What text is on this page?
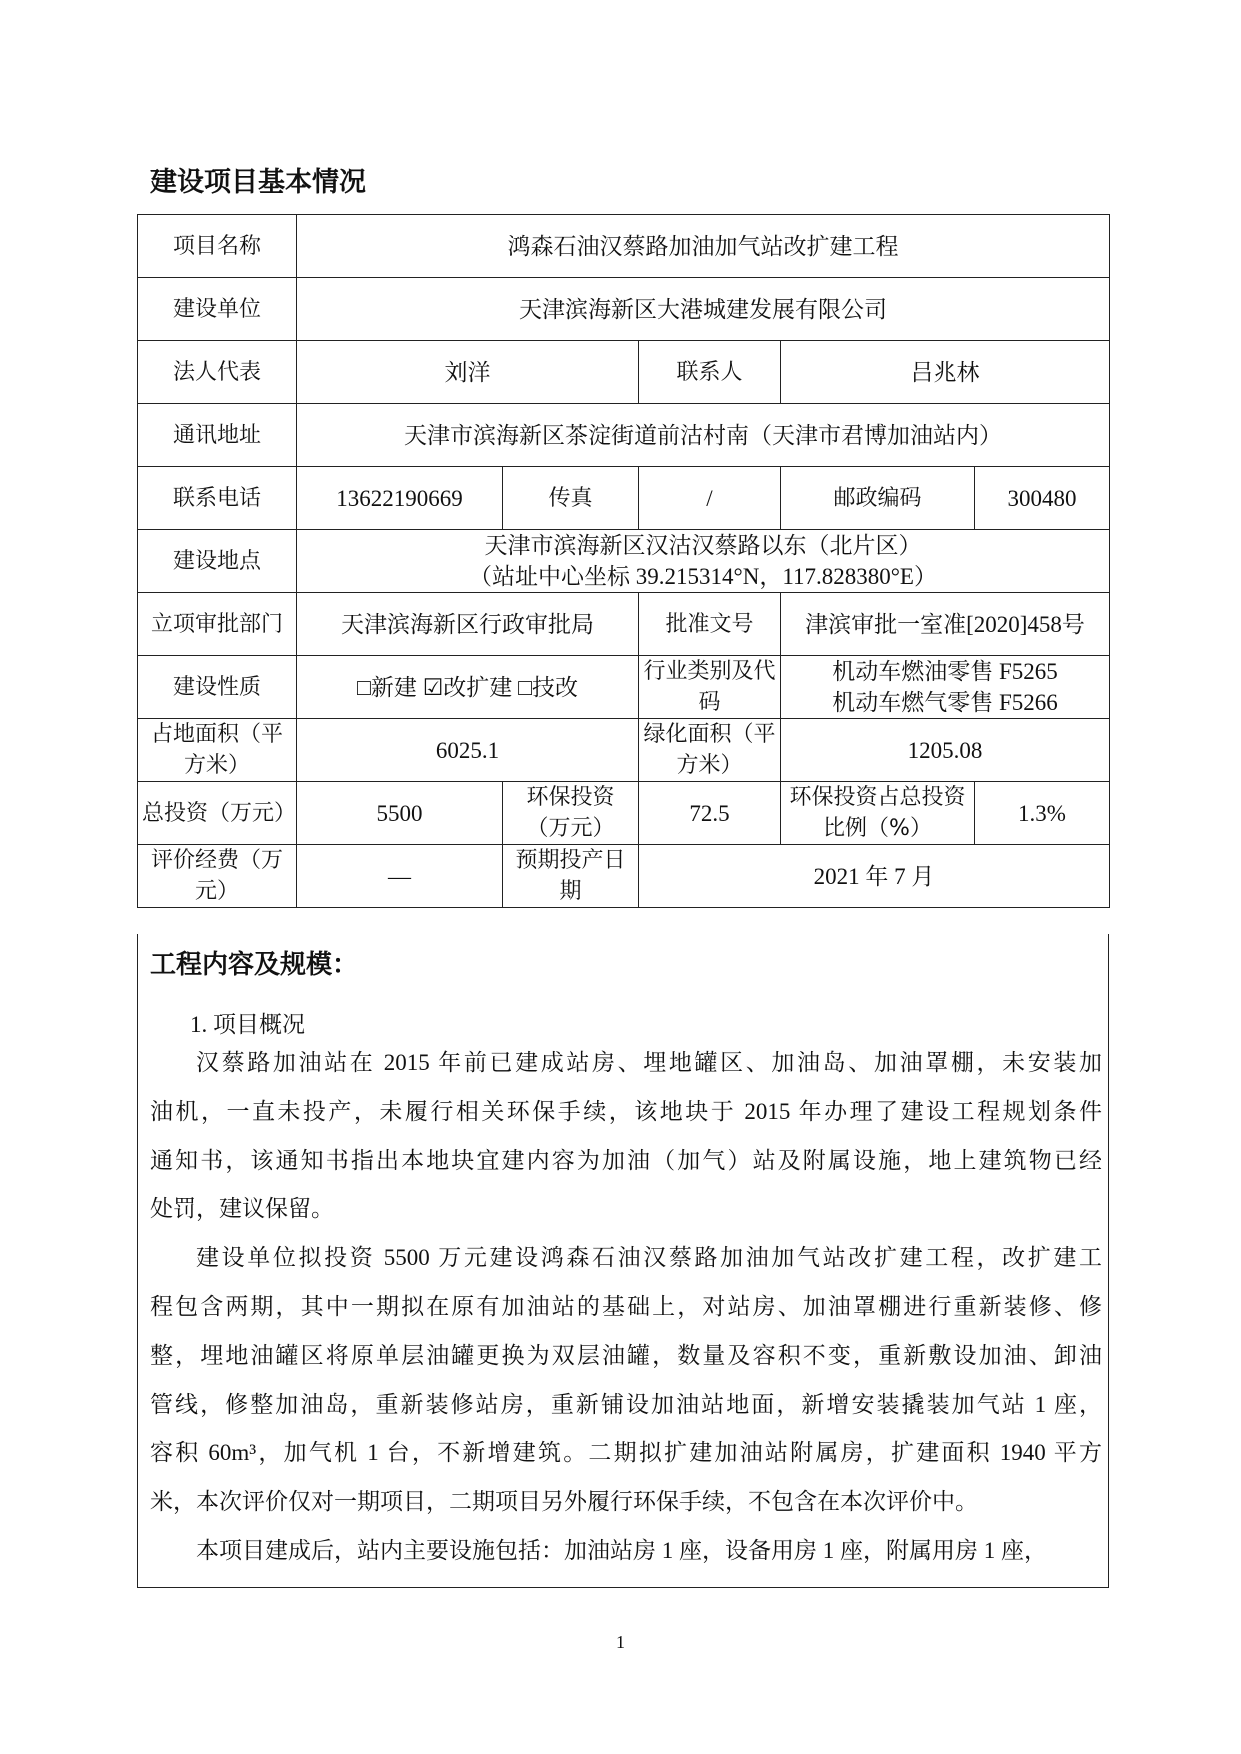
建设项目基本情况
项目名称	鸿森石油汉蔡路加油加气站改扩建工程				
建设单位	天津滨海新区大港城建发展有限公司				
法人代表	刘洋		联系人	吕兆林	
通讯地址	天津市滨海新区茶淀街道前沽村南（天津市君博加油站内）				
联系电话	13622190669	传真	/	邮政编码	300480
建设地点	天津市滨海新区汉沽汉蔡路以东（北片区）
（站址中心坐标 39.215314°N，117.828380°E）				

立项审批部门	天津滨海新区行政审批局		批准文号	津滨审批一室准[2020]458号	
建设性质	□新建 ☑改扩建 □技改		行业类别及代码	机动车燃油零售 F5265
机动车燃气零售 F5266	

占地面积（平方米）	6025.1		绿化面积（平方米）	1205.08	
总投资（万元）	5500	环保投资（万元）	72.5	环保投资占总投资比例（%）	1.3%
评价经费（万元）	—	预期投产日期	2021 年 7 月		
工程内容及规模：
1. 项目概况
汉蔡路加油站在 2015 年前已建成站房、埋地罐区、加油岛、加油罩棚，未安装加
油机，一直未投产，未履行相关环保手续，该地块于 2015 年办理了建设工程规划条件
通知书，该通知书指出本地块宜建内容为加油（加气）站及附属设施，地上建筑物已经
处罚，建议保留。
建设单位拟投资 5500 万元建设鸿森石油汉蔡路加油加气站改扩建工程，改扩建工
程包含两期，其中一期拟在原有加油站的基础上，对站房、加油罩棚进行重新装修、修
整，埋地油罐区将原单层油罐更换为双层油罐，数量及容积不变，重新敷设加油、卸油
管线，修整加油岛，重新装修站房，重新铺设加油站地面，新增安装撬装加气站 1 座，
容积 60m³，加气机 1 台，不新增建筑。二期拟扩建加油站附属房，扩建面积 1940 平方
米，本次评价仅对一期项目，二期项目另外履行环保手续，不包含在本次评价中。
本项目建成后，站内主要设施包括：加油站房 1 座，设备用房 1 座，附属用房 1 座，
1
